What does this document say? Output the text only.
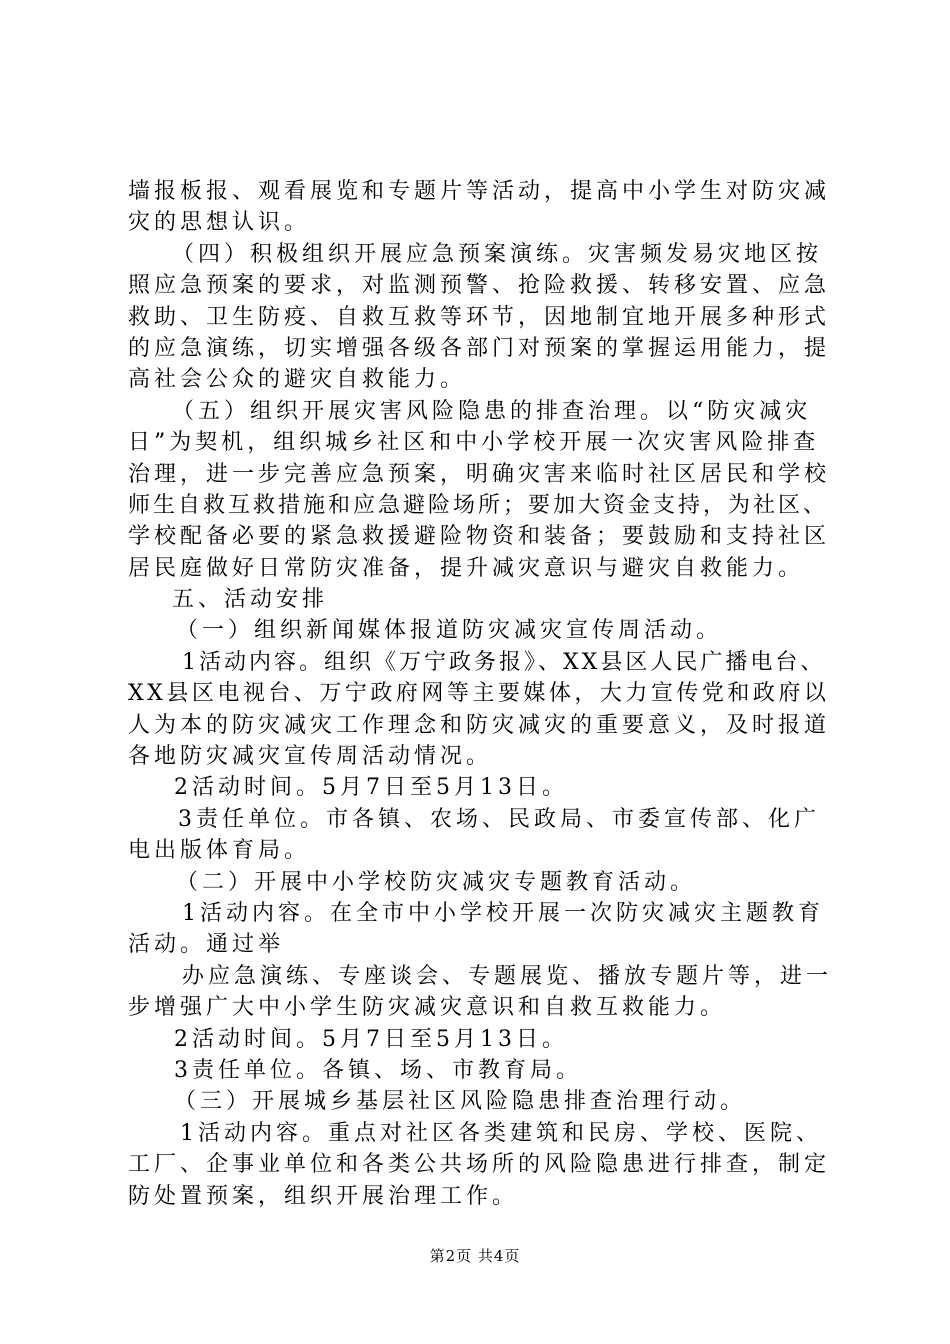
墙报板报、观看展览和专题片等活动，提高中小学生对防灾减
灾的思想认识。
（四）积极组织开展应急预案演练。灾害频发易灾地区按
照应急预案的要求，对监测预警、抢险救援、转移安置、应急
救助、卫生防疫、自救互救等环节，因地制宜地开展多种形式
的应急演练，切实增强各级各部门对预案的掌握运用能力，提
高社会公众的避灾自救能力。
（五）组织开展灾害风险隐患的排查治理。以“防灾减灾
日”为契机，组织城乡社区和中小学校开展一次灾害风险排查
治理，进一步完善应急预案，明确灾害来临时社区居民和学校
师生自救互救措施和应急避险场所；要加大资金支持，为社区、
学校配备必要的紧急救援避险物资和装备；要鼓励和支持社区
居民庭做好日常防灾准备，提升减灾意识与避灾自救能力。
五、活动安排
（一）组织新闻媒体报道防灾减灾宣传周活动。
1活动内容。组织《万宁政务报》、XX县区人民广播电台、
XX县区电视台、万宁政府网等主要媒体，大力宣传党和政府以
人为本的防灾减灾工作理念和防灾减灾的重要意义，及时报道
各地防灾减灾宣传周活动情况。
2活动时间。5月7日至5月13日。
3责任单位。市各镇、农场、民政局、市委宣传部、化广
电出版体育局。
（二）开展中小学校防灾减灾专题教育活动。
1活动内容。在全市中小学校开展一次防灾减灾主题教育
活动。通过举
办应急演练、专座谈会、专题展览、播放专题片等，进一
步增强广大中小学生防灾减灾意识和自救互救能力。
2活动时间。5月7日至5月13日。
3责任单位。各镇、场、市教育局。
（三）开展城乡基层社区风险隐患排查治理行动。
1活动内容。重点对社区各类建筑和民房、学校、医院、
工厂、企事业单位和各类公共场所的风险隐患进行排查，制定
防处置预案，组织开展治理工作。
第2页 共4页
